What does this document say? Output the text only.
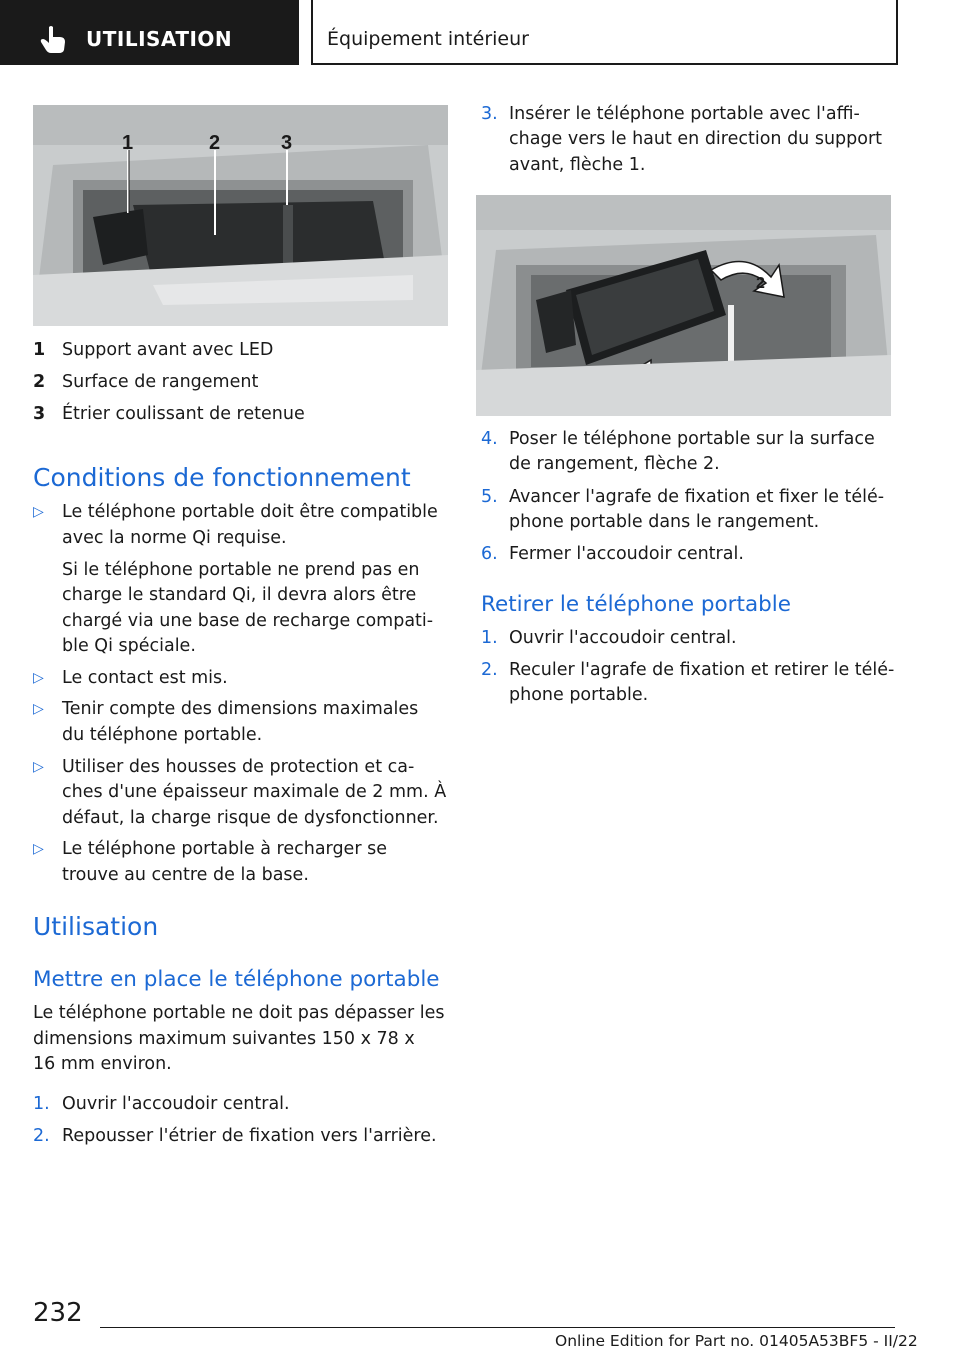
UTILISATION	Équipement intérieur
1	2	3
1 Support avant avec LED
2 Surface de rangement
3 Étrier coulissant de retenue
Conditions de fonctionnement
▷ Le téléphone portable doit être compatible
avec la norme Qi requise.
Si le téléphone portable ne prend pas en
charge le standard Qi, il devra alors être
chargé via une base de recharge compati‐
ble Qi spéciale.
▷ Le contact est mis.
▷ Tenir compte des dimensions maximales
du téléphone portable.
▷ Utiliser des housses de protection et ca‐
ches d'une épaisseur maximale de 2 mm. À
défaut, la charge risque de dysfonctionner.
▷ Le téléphone portable à recharger se
trouve au centre de la base.
Utilisation
Mettre en place le téléphone portable
Le téléphone portable ne doit pas dépasser les
dimensions maximum suivantes 150 x 78 x
16 mm environ.
1. Ouvrir l'accoudoir central.
2. Repousser l'étrier de fixation vers l'arrière.
3. Insérer le téléphone portable avec l'affi‐
chage vers le haut en direction du support
avant, flèche 1.
2
4. Poser le téléphone portable sur la surface
de rangement, flèche 2.
5. Avancer l'agrafe de fixation et fixer le télé‐
phone portable dans le rangement.
6. Fermer l'accoudoir central.
Retirer le téléphone portable
1. Ouvrir l'accoudoir central.
2. Reculer l'agrafe de fixation et retirer le télé‐
phone portable.
232
Online Edition for Part no. 01405A53BF5 - II/22
